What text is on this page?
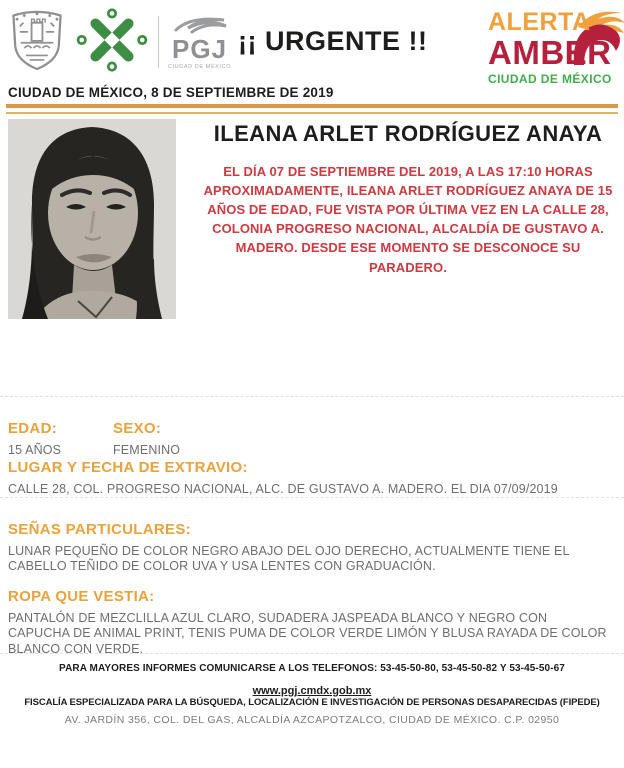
PGJ
CIUDAD DE MÉXICO
¡¡ URGENTE !!
ALERTA
AMBER
CIUDAD DE MÉXICO
CIUDAD DE MÉXICO, 8 DE SEPTIEMBRE DE 2019
ILEANA ARLET RODRÍGUEZ ANAYA
EL DÍA 07 DE SEPTIEMBRE DEL 2019, A LAS 17:10 HORAS APROXIMADAMENTE, ILEANA ARLET RODRÍGUEZ ANAYA DE 15 AÑOS DE EDAD, FUE VISTA POR ÚLTIMA VEZ EN LA CALLE 28, COLONIA PROGRESO NACIONAL, ALCALDÍA DE GUSTAVO A. MADERO. DESDE ESE MOMENTO SE DESCONOCE SU PARADERO.
EDAD:
15 AÑOS
SEXO:
FEMENINO
LUGAR Y FECHA DE EXTRAVIO:
CALLE 28, COL. PROGRESO NACIONAL, ALC. DE GUSTAVO A. MADERO. EL DIA 07/09/2019
SEÑAS PARTICULARES:
LUNAR PEQUEÑO DE COLOR NEGRO ABAJO DEL OJO DERECHO, ACTUALMENTE TIENE EL CABELLO TEÑIDO DE COLOR UVA Y USA LENTES CON GRADUACIÓN.
ROPA QUE VESTIA:
PANTALÓN DE MEZCLILLA AZUL CLARO, SUDADERA JASPEADA BLANCO Y NEGRO CON CAPUCHA DE ANIMAL PRINT, TENIS PUMA DE COLOR VERDE LIMÓN Y BLUSA RAYADA DE COLOR BLANCO CON VERDE.
PARA MAYORES INFORMES COMUNICARSE A LOS TELEFONOS: 53-45-50-80, 53-45-50-82 Y 53-45-50-67
www.pgj.cmdx.gob.mx
FISCALÍA ESPECIALIZADA PARA LA BÚSQUEDA, LOCALIZACIÓN E INVESTIGACIÓN DE PERSONAS DESAPARECIDAS (FIPEDE)
AV. JARDÍN 356, COL. DEL GAS, ALCALDÍA AZCAPOTZALCO, CIUDAD DE MÉXICO. C.P. 02950
